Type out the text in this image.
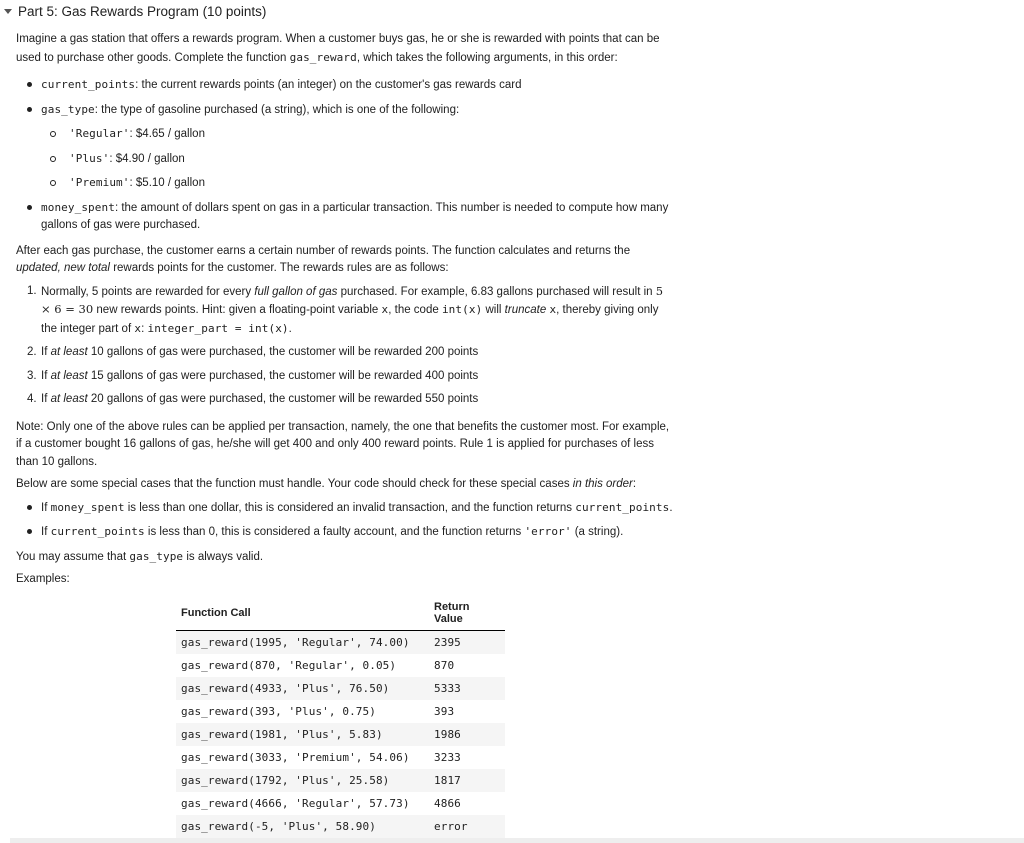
Part 5: Gas Rewards Program (10 points)

Imagine a gas station that offers a rewards program. When a customer buys gas, he or she is rewarded with points that can be used to purchase other goods. Complete the function gas_reward, which takes the following arguments, in this order:

current_points: the current rewards points (an integer) on the customer's gas rewards card
gas_type: the type of gasoline purchased (a string), which is one of the following:
'Regular': $4.65 / gallon
'Plus': $4.90 / gallon
'Premium': $5.10 / gallon
money_spent: the amount of dollars spent on gas in a particular transaction. This number is needed to compute how many gallons of gas were purchased.

After each gas purchase, the customer earns a certain number of rewards points. The function calculates and returns the updated, new total rewards points for the customer. The rewards rules are as follows:

1. Normally, 5 points are rewarded for every full gallon of gas purchased. For example, 6.83 gallons purchased will result in 5 × 6 = 30 new rewards points. Hint: given a floating-point variable x, the code int(x) will truncate x, thereby giving only the integer part of x: integer_part = int(x).
2. If at least 10 gallons of gas were purchased, the customer will be rewarded 200 points
3. If at least 15 gallons of gas were purchased, the customer will be rewarded 400 points
4. If at least 20 gallons of gas were purchased, the customer will be rewarded 550 points

Note: Only one of the above rules can be applied per transaction, namely, the one that benefits the customer most. For example, if a customer bought 16 gallons of gas, he/she will get 400 and only 400 reward points. Rule 1 is applied for purchases of less than 10 gallons.

Below are some special cases that the function must handle. Your code should check for these special cases in this order:

If money_spent is less than one dollar, this is considered an invalid transaction, and the function returns current_points.
If current_points is less than 0, this is considered a faulty account, and the function returns 'error' (a string).

You may assume that gas_type is always valid.

Examples:

Function Call	Return Value
gas_reward(1995, 'Regular', 74.00)	2395
gas_reward(870, 'Regular', 0.05)	870
gas_reward(4933, 'Plus', 76.50)	5333
gas_reward(393, 'Plus', 0.75)	393
gas_reward(1981, 'Plus', 5.83)	1986
gas_reward(3033, 'Premium', 54.06)	3233
gas_reward(1792, 'Plus', 25.58)	1817
gas_reward(4666, 'Regular', 57.73)	4866
gas_reward(-5, 'Plus', 58.90)	error
